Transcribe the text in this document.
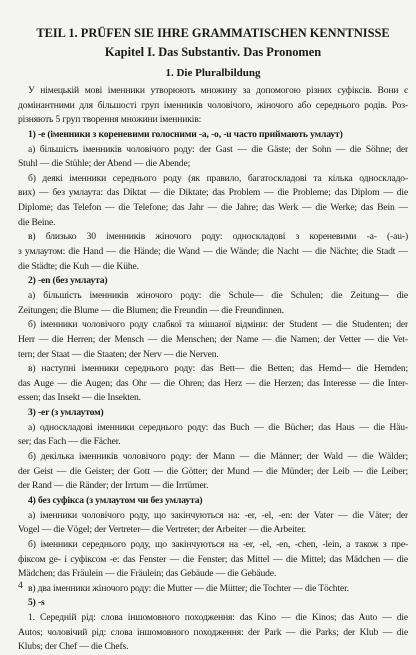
TEIL 1. PRÜFEN SIE IHRE GRAMMATISCHEN KENNTNISSE
Kapitel I. Das Substantiv. Das Pronomen
1. Die Pluralbildung
У німецькій мові іменники утворюють множину за допомогою різних суфіксів. Вони є
домінантними для більшості груп іменників чоловічого, жіночого або середнього родів. Роз-
різняють 5 груп творення множини іменників:
1) -e (іменники з кореневими голосними -a, -o, -u часто приймають умлаут)
а) більшість іменників чоловічого роду: der Gast — die Gäste; der Sohn — die Söhne; der
Stuhl — die Stühle; der Abend — die Abende;
б) деякі іменники середнього роду (як правило, багатоскладові та кілька односкладо-
вих) — без умлаута: das Diktat — die Diktate; das Problem — die Probleme; das Diplom — die
Diplome; das Telefon — die Telefone; das Jahr — die Jahre; das Werk — die Werke; das Bein —
die Beine.
в) близько 30 іменників жіночого роду: односкладові з кореневими -a- (-au-)
з умлаутом: die Hand — die Hände; die Wand — die Wände; die Nacht — die Nächte; die Stadt —
die Städte; die Kuh — die Kühe.
2) -en (без умлаута)
а) більшість іменників жіночого роду: die Schule— die Schulen; die Zeitung— die
Zeitungen; die Blume — die Blumen; die Freundin — die Freundinnen.
б) іменники чоловічого роду слабкої та мішаної відміни: der Student — die Studenten; der
Herr — die Herren; der Mensch — die Menschen; der Name — die Namen; der Vetter — die Vet-
tern; der Staat — die Staaten; der Nerv — die Nerven.
в) наступні іменники середнього роду: das Bett— die Betten; das Hemd— die Hemden;
das Auge — die Augen; das Ohr — die Ohren; das Herz — die Herzen; das Interesse — die Inter-
essen; das Insekt — die Insekten.
3) -er (з умлаутом)
а) односкладові іменники середнього роду: das Buch — die Bücher; das Haus — die Häu-
ser; das Fach — die Fächer.
б) декілька іменників чоловічого роду: der Mann — die Männer; der Wald — die Wälder;
der Geist — die Geister; der Gott — die Götter; der Mund — die Münder; der Leib — die Leiber;
der Rand — die Ränder; der Irrtum — die Irrtümer.
4) без суфікса (з умлаутом чи без умлаута)
а) іменники чоловічого роду, що закінчуються на: -er, -el, -en: der Vater — die Väter; der
Vogel — die Vögel; der Vertreter— die Vertreter; der Arbeiter — die Arbeiter.
б) іменники середнього роду, що закінчуються на -er, -el, -en, -chen, -lein, а також з пре-
фіксом ge- і суфіксом -e: das Fenster — die Fenster; das Mittel — die Mittel; das Mädchen — die
Mädchen; das Fräulein — die Fräulein; das Gebäude — die Gebäude.
в) два іменники жіночого роду: die Mutter — die Mütter; die Tochter — die Töchter.
5) -s
1. Середній рід: слова іншомовного походження: das Kino — die Kinos; das Auto — die
Autos; чоловічий рід: слова іншомовного походження: der Park — die Parks; der Klub — die
Klubs; der Chef — die Chefs.
4
